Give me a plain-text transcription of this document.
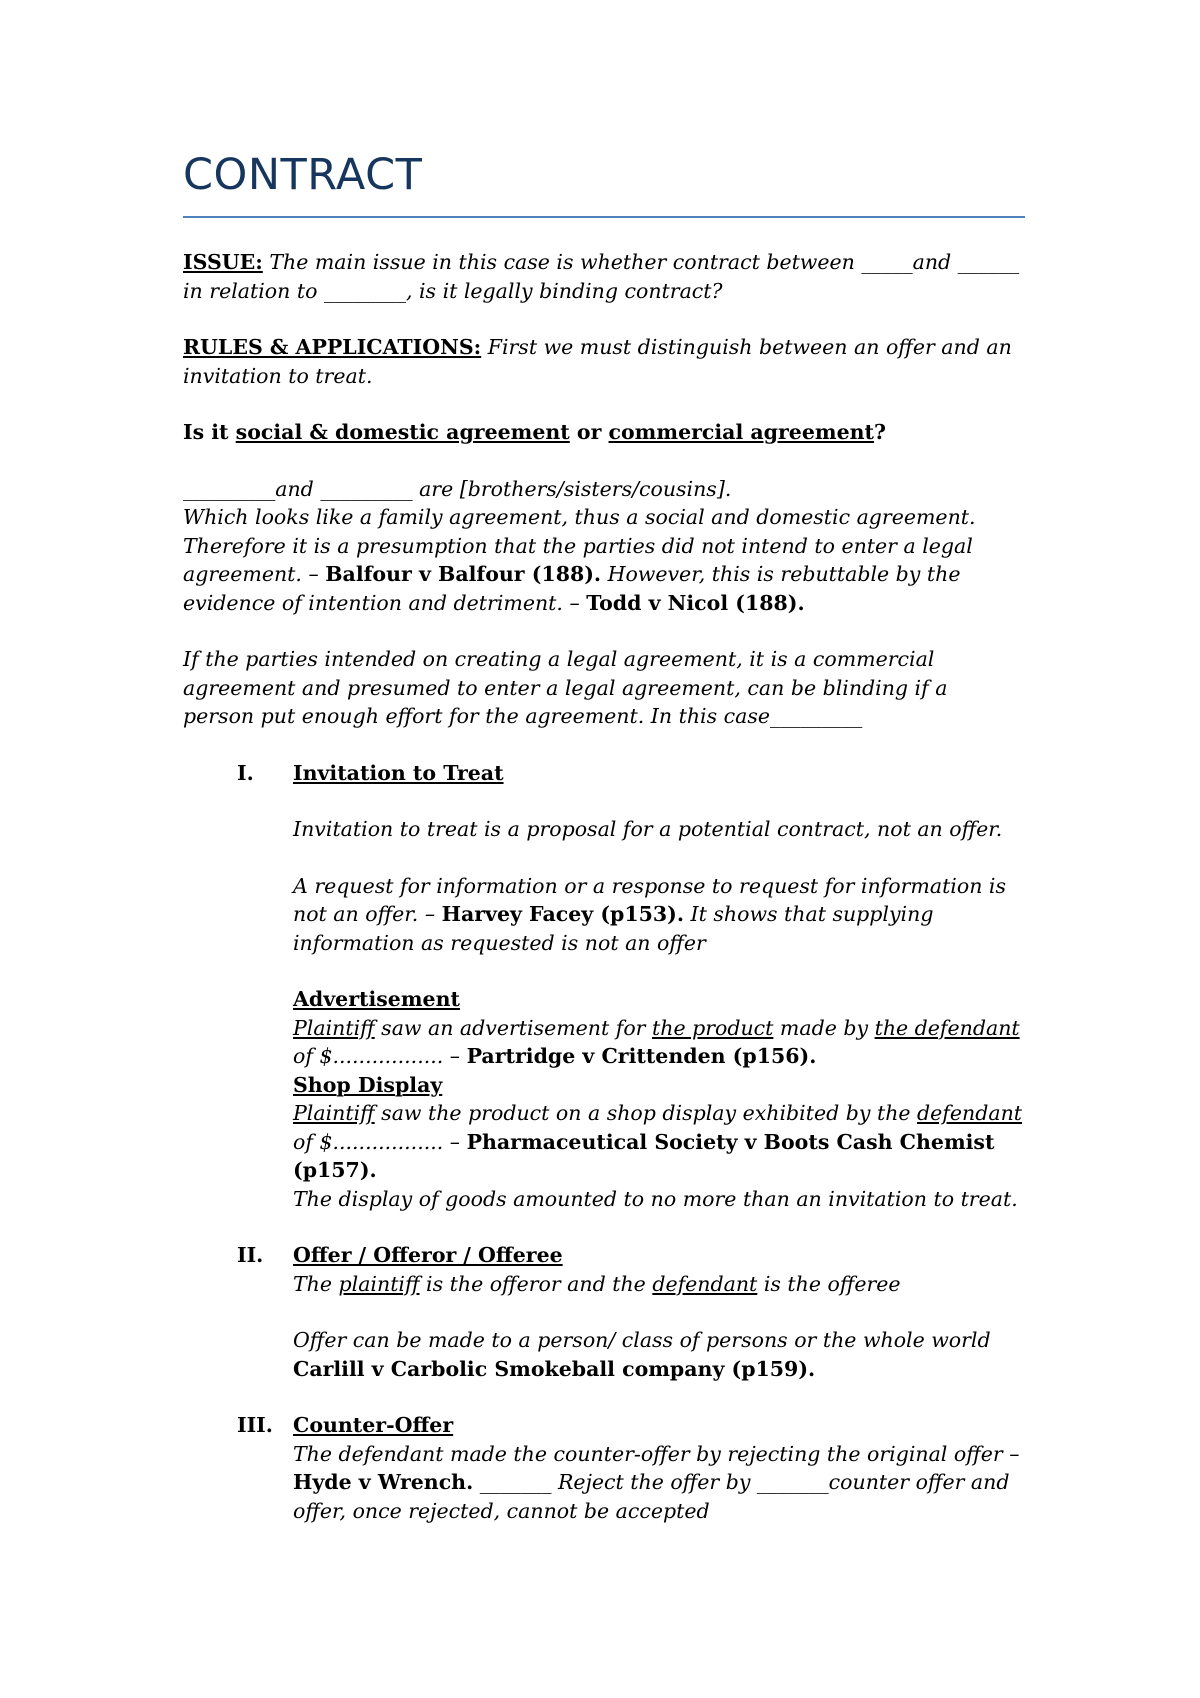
CONTRACT

ISSUE: The main issue in this case is whether contract between _____and ______ in relation to ________, is it legally binding contract?

RULES & APPLICATIONS: First we must distinguish between an offer and an invitation to treat.

Is it social & domestic agreement or commercial agreement?

_________and _________ are [brothers/sisters/cousins].
Which looks like a family agreement, thus a social and domestic agreement. Therefore it is a presumption that the parties did not intend to enter a legal agreement. – Balfour v Balfour (188). However, this is rebuttable by the evidence of intention and detriment. – Todd v Nicol (188).

If the parties intended on creating a legal agreement, it is a commercial agreement and presumed to enter a legal agreement, can be blinding if a person put enough effort for the agreement. In this case_________

I.	Invitation to Treat

Invitation to treat is a proposal for a potential contract, not an offer.

A request for information or a response to request for information is not an offer. – Harvey Facey (p153). It shows that supplying information as requested is not an offer

Advertisement
Plaintiff saw an advertisement for the product made by the defendant of $................. – Partridge v Crittenden (p156).

Shop Display
Plaintiff saw the product on a shop display exhibited by the defendant of $................. – Pharmaceutical Society v Boots Cash Chemist (p157).
The display of goods amounted to no more than an invitation to treat.

II.	Offer / Offeror / Offeree
The plaintiff is the offeror and the defendant is the offeree

Offer can be made to a person/ class of persons or the whole world
Carlill v Carbolic Smokeball company (p159).

III. Counter-Offer
The defendant made the counter-offer by rejecting the original offer –
Hyde v Wrench. _______ Reject the offer by _______counter offer and offer, once rejected, cannot be accepted
